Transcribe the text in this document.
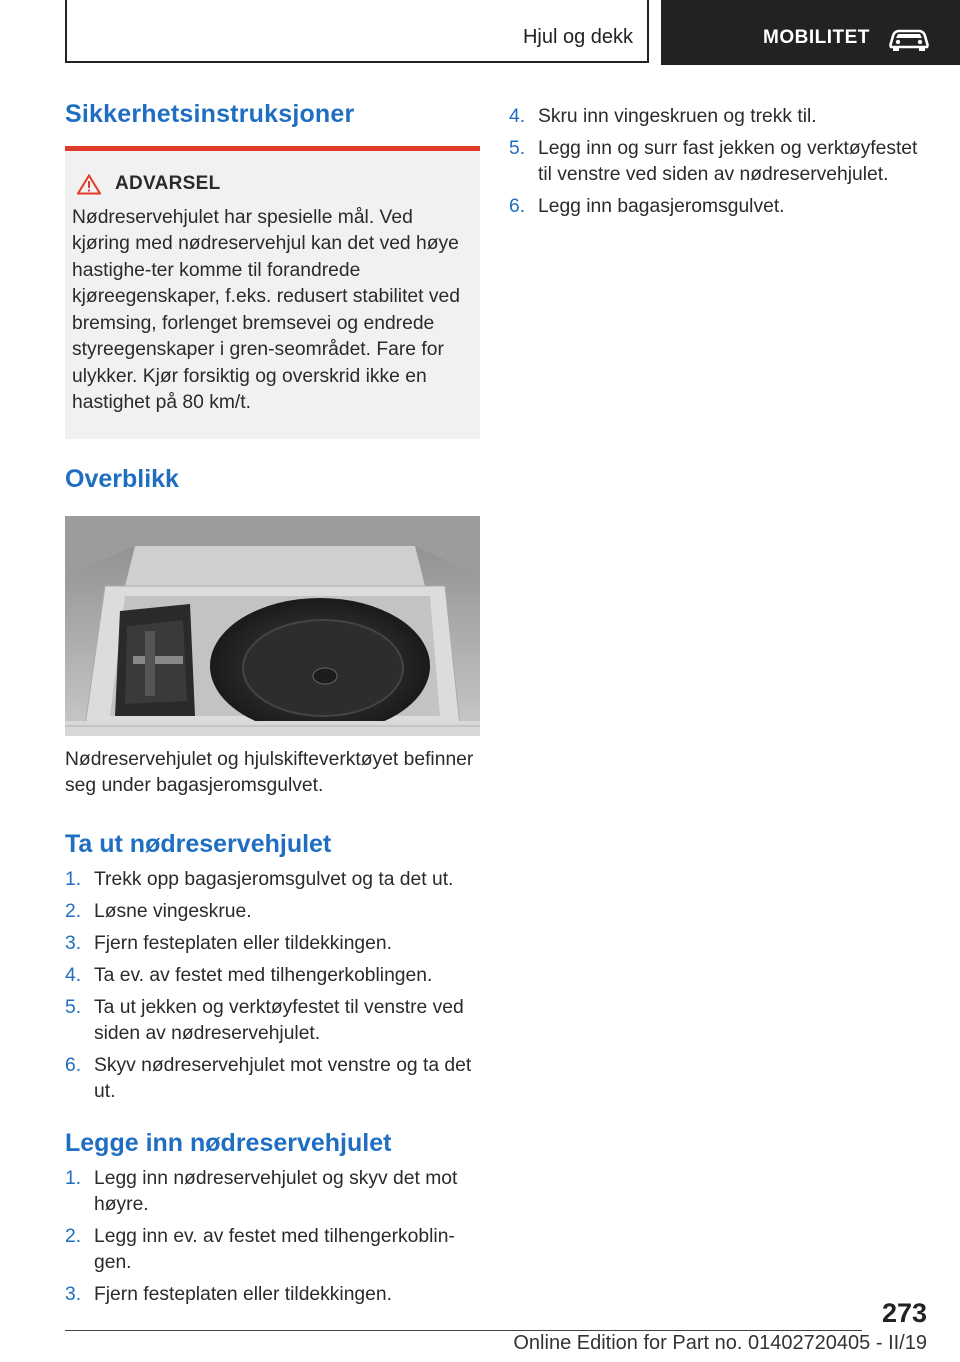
Hjul og dekk	MOBILITET
Sikkerhetsinstruksjoner
ADVARSEL
Nødreservehjulet har spesielle mål. Ved kjøring med nødreservehjul kan det ved høye hastighe‐ter komme til forandrede kjøreegenskaper, f.eks. redusert stabilitet ved bremsing, forlenget bremsevei og endrede styreegenskaper i gren‐seområdet. Fare for ulykker. Kjør forsiktig og overskrid ikke en hastighet på 80 km/t.
Overblikk
Nødreservehjulet og hjulskifteverktøyet befinner seg under bagasjeromsgulvet.
Ta ut nødreservehjulet
1. Trekk opp bagasjeromsgulvet og ta det ut.
2. Løsne vingeskrue.
3. Fjern festeplaten eller tildekkingen.
4. Ta ev. av festet med tilhengerkoblingen.
5. Ta ut jekken og verktøyfestet til venstre ved siden av nødreservehjulet.
6. Skyv nødreservehjulet mot venstre og ta det ut.
Legge inn nødreservehjulet
1. Legg inn nødreservehjulet og skyv det mot høyre.
2. Legg inn ev. av festet med tilhengerkoblin‐gen.
3. Fjern festeplaten eller tildekkingen.
4. Skru inn vingeskruen og trekk til.
5. Legg inn og surr fast jekken og verktøyfestet til venstre ved siden av nødreservehjulet.
6. Legg inn bagasjeromsgulvet.
273
Online Edition for Part no. 01402720405 - II/19
